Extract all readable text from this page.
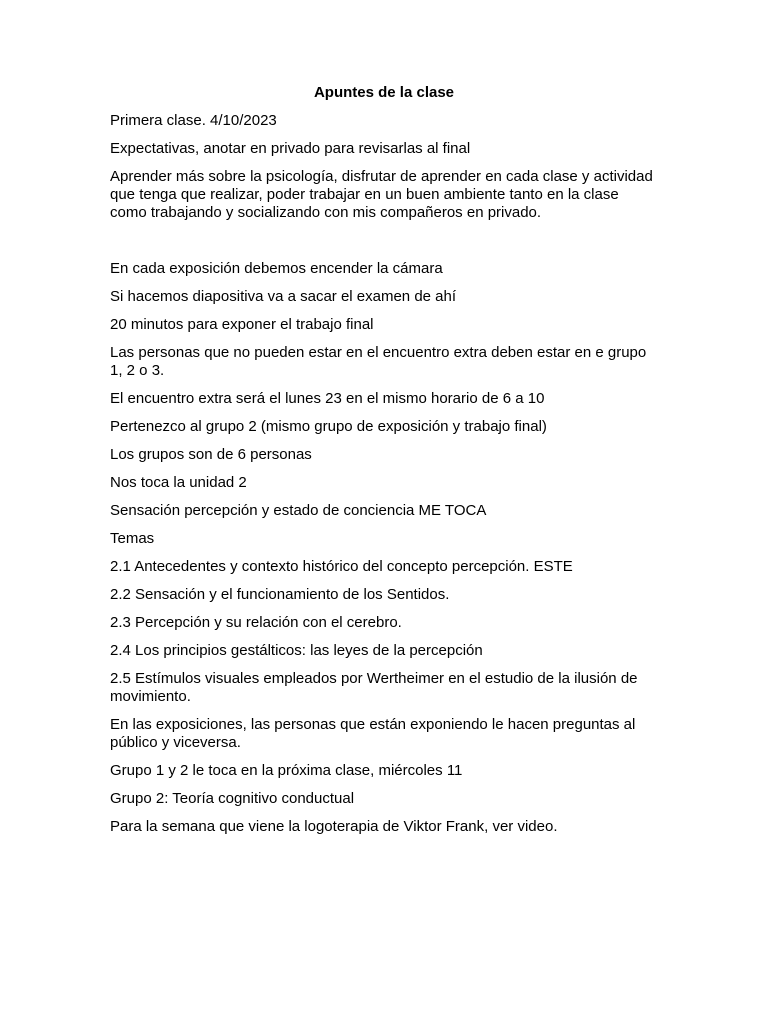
Apuntes de la clase

Primera clase. 4/10/2023

Expectativas, anotar en privado para revisarlas al final

Aprender más sobre la psicología, disfrutar de aprender en cada clase y actividad que tenga que realizar, poder trabajar en un buen ambiente tanto en la clase como trabajando y socializando con mis compañeros en privado.

En cada exposición debemos encender la cámara

Si hacemos diapositiva va a sacar el examen de ahí

20 minutos para exponer el trabajo final

Las personas que no pueden estar en el encuentro extra deben estar en e grupo 1, 2 o 3.

El encuentro extra será el lunes 23 en el mismo horario de 6 a 10

Pertenezco al grupo 2 (mismo grupo de exposición y trabajo final)

Los grupos son de 6 personas

Nos toca la unidad 2

Sensación percepción y estado de conciencia ME TOCA

Temas

2.1 Antecedentes y contexto histórico del concepto percepción. ESTE

2.2 Sensación y el funcionamiento de los Sentidos.

2.3 Percepción y su relación con el cerebro.

2.4 Los principios gestálticos: las leyes de la percepción

2.5 Estímulos visuales empleados por Wertheimer en el estudio de la ilusión de movimiento.

En las exposiciones, las personas que están exponiendo le hacen preguntas al público y viceversa.

Grupo 1 y 2 le toca en la próxima clase, miércoles 11

Grupo 2: Teoría cognitivo conductual

Para la semana que viene la logoterapia de Viktor Frank, ver video.
